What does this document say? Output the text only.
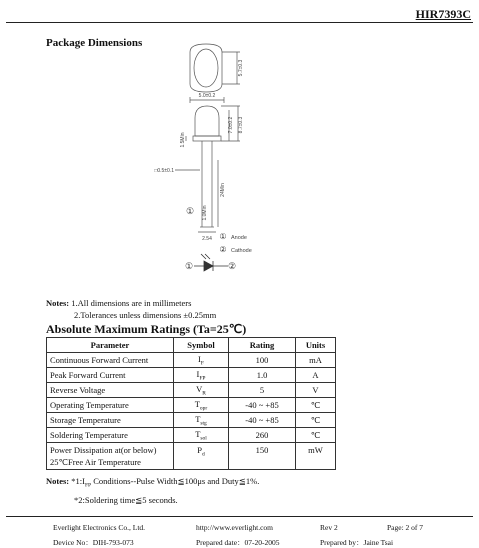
HIR7393C
Package Dimensions
5.7±0.3
5.0±0.2
1.5Min
7.0±0.2 8.7±0.3
□0.5±0.1
24Min
1.0Min
2.54
①
① Anode
② Cathode
①	②
Notes: 1.All dimensions are in millimeters
2.Tolerances unless dimensions ±0.25mm
Absolute Maximum Ratings (Ta=25℃)
Parameter	Symbol	Rating	Units
Continuous Forward Current	$I_F$	100	mA
Peak Forward Current	$I_{FP}$	1.0	A
Reverse Voltage	$V_R$	5	V
Operating Temperature	$T_{opr}$	-40 ~ +85	℃
Storage Temperature	$T_{stg}$	-40 ~ +85	℃
Soldering Temperature	$T_{sol}$	260	℃

Power Dissipation at(or below)
25℃Free Air Temperature	$P_d$	150	mW
Notes: $*1:I_{FP}$ Conditions--Pulse Width≦100μs and Duty≦1%.
*2:Soldering time≦5 seconds.
Everlight Electronics Co., Ltd.
Device No：DIH-793-073
http://www.everlight.com
Prepared date：07-20-2005
Rev 2	Page: 2 of 7
Prepared by：Jaine Tsai
